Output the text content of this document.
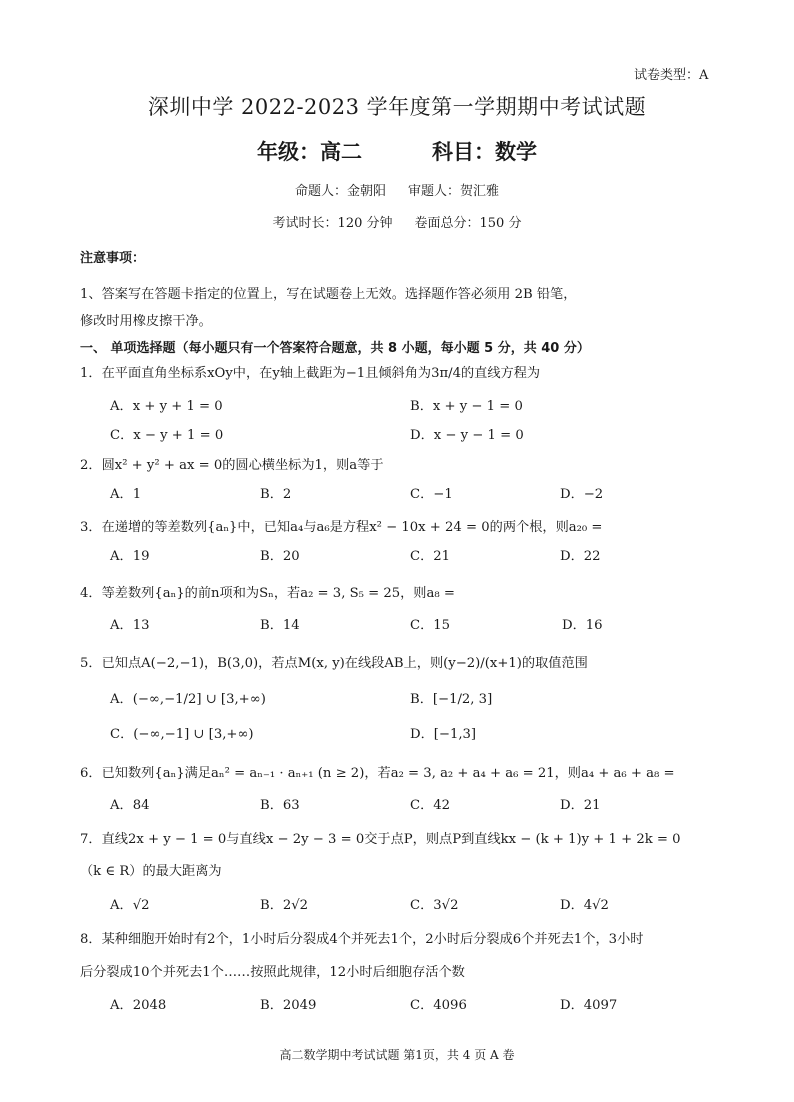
试卷类型：A
深圳中学 2022-2023 学年度第一学期期中考试试题
年级：高二	科目：数学
命题人：金朝阳 审题人：贺汇雅
考试时长：120 分钟 卷面总分：150 分
注意事项：
1、答案写在答题卡指定的位置上，写在试题卷上无效。选择题作答必须用 2B 铅笔，
修改时用橡皮擦干净。
一、 单项选择题（每小题只有一个答案符合题意，共 8 小题，每小题 5 分，共 40 分）
1．在平面直角坐标系xOy中，在y轴上截距为−1且倾斜角为3π/4的直线方程为
A．x + y + 1 = 0	B．x + y − 1 = 0
C．x − y + 1 = 0	D．x − y − 1 = 0
2．圆x² + y² + ax = 0的圆心横坐标为1，则a等于
A．1	B．2	C．−1	D．−2
3．在递增的等差数列{aₙ}中，已知a₄与a₆是方程x² − 10x + 24 = 0的两个根，则a₂₀ =
A．19	B．20	C．21	D．22
4．等差数列{aₙ}的前n项和为Sₙ，若a₂ = 3, S₅ = 25，则a₈ =
A．13	B．14	C．15	D．16
5．已知点A(−2,−1)，B(3,0)，若点M(x, y)在线段AB上，则(y−2)/(x+1)的取值范围
A．(−∞,−1/2] ∪ [3,+∞)	B．[−1/2, 3]
C．(−∞,−1] ∪ [3,+∞)	D．[−1,3]
6．已知数列{aₙ}满足aₙ² = aₙ₋₁ · aₙ₊₁ (n ≥ 2)，若a₂ = 3, a₂ + a₄ + a₆ = 21，则a₄ + a₆ + a₈ =
A．84	B．63	C．42	D．21
7．直线2x + y − 1 = 0与直线x − 2y − 3 = 0交于点P，则点P到直线kx − (k + 1)y + 1 + 2k = 0
（k ∈ R）的最大距离为
A．√2	B．2√2	C．3√2	D．4√2
8．某种细胞开始时有2个，1小时后分裂成4个并死去1个，2小时后分裂成6个并死去1个，3小时
后分裂成10个并死去1个……按照此规律，12小时后细胞存活个数
A．2048	B．2049	C．4096	D．4097
高二数学期中考试试题 第1页，共 4 页 A 卷
